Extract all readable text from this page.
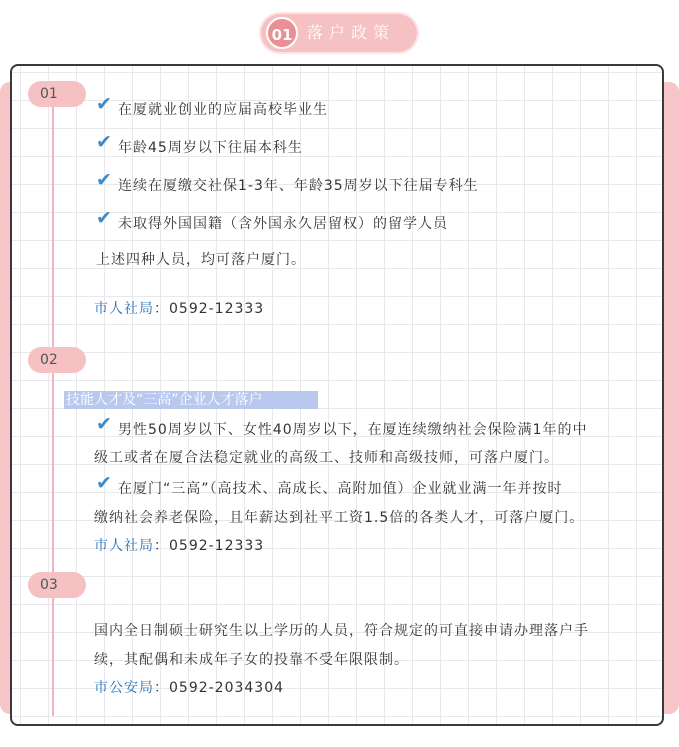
01 落户政策
01	✔ 在厦就业创业的应届高校毕业生
✔ 年龄45周岁以下往届本科生
✔ 连续在厦缴交社保1-3年、年龄35周岁以下往届专科生
✔ 未取得外国国籍（含外国永久居留权）的留学人员
上述四种人员，均可落户厦门。
市人社局：0592-12333
02
技能人才及“三高”企业人才落户
✔ 男性50周岁以下、女性40周岁以下，在厦连续缴纳社会保险满1年的中
级工或者在厦合法稳定就业的高级工、技师和高级技师，可落户厦门。
✔ 在厦门“三高”（高技术、高成长、高附加值）企业就业满一年并按时
缴纳社会养老保险，且年薪达到社平工资1.5倍的各类人才，可落户厦门。
市人社局：0592-12333
03
国内全日制硕士研究生以上学历的人员，符合规定的可直接申请办理落户手
续，其配偶和未成年子女的投靠不受年限限制。
市公安局：0592-2034304
